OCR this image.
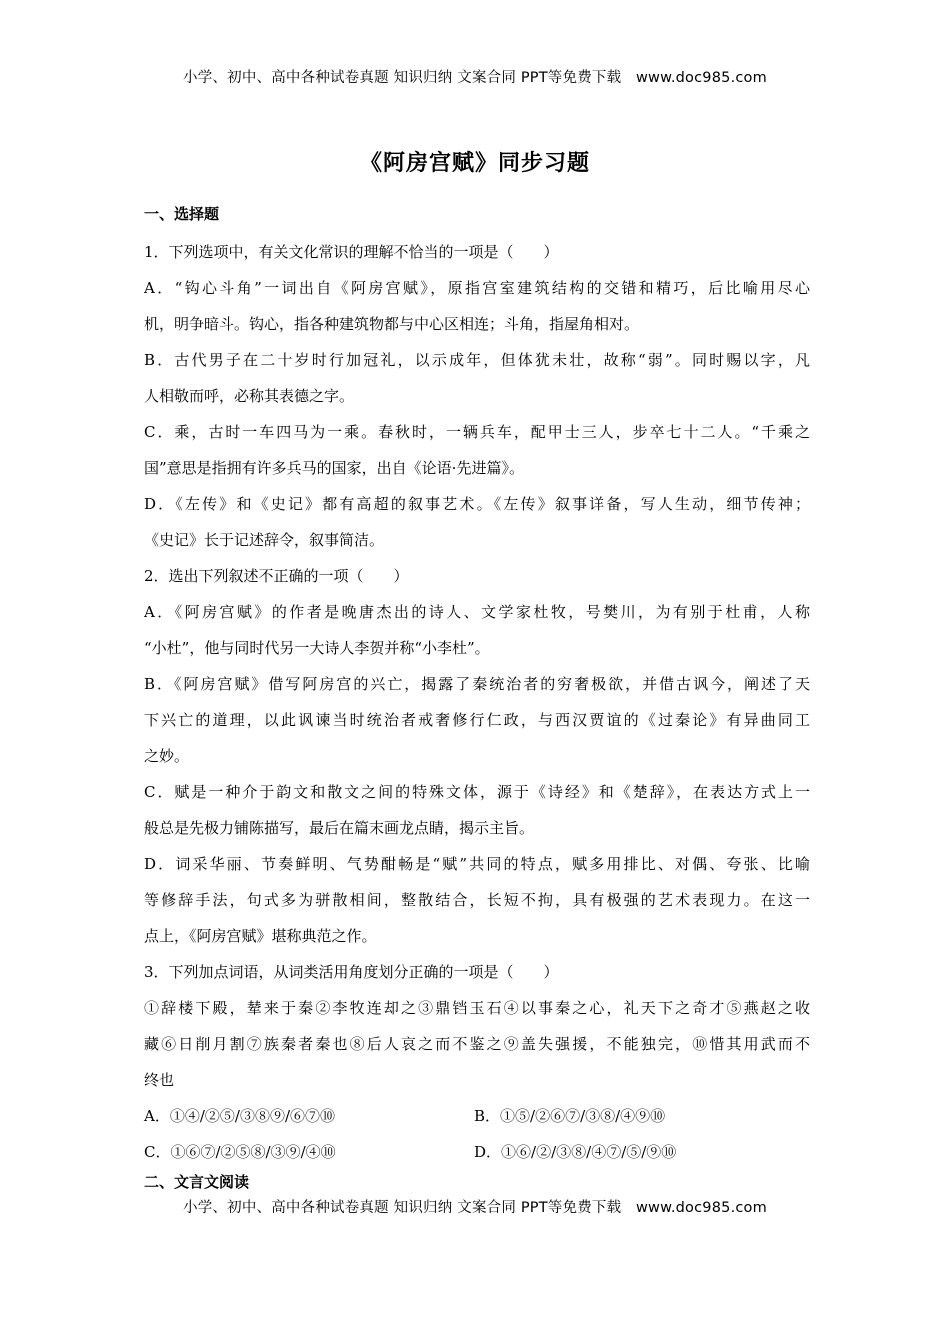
小学、初中、高中各种试卷真题 知识归纳 文案合同 PPT等免费下载　www.doc985.com
《阿房宫赋》同步习题
一、选择题
1．下列选项中，有关文化常识的理解不恰当的一项是（　　）
A．“钩心斗角”一词出自《阿房宫赋》，原指宫室建筑结构的交错和精巧，后比喻用尽心
机，明争暗斗。钩心，指各种建筑物都与中心区相连；斗角，指屋角相对。
B．古代男子在二十岁时行加冠礼，以示成年，但体犹未壮，故称“弱”。同时赐以字，凡
人相敬而呼，必称其表德之字。
C．乘，古时一车四马为一乘。春秋时，一辆兵车，配甲士三人，步卒七十二人。“千乘之
国”意思是指拥有许多兵马的国家，出自《论语·先进篇》。
D．《左传》和《史记》都有高超的叙事艺术。《左传》叙事详备，写人生动，细节传神；
《史记》长于记述辞令，叙事简洁。
2．选出下列叙述不正确的一项（　　）
A．《阿房宫赋》的作者是晚唐杰出的诗人、文学家杜牧，号樊川，为有别于杜甫，人称
“小杜”，他与同时代另一大诗人李贺并称“小李杜”。
B．《阿房宫赋》借写阿房宫的兴亡，揭露了秦统治者的穷奢极欲，并借古讽今，阐述了天
下兴亡的道理，以此讽谏当时统治者戒奢修行仁政，与西汉贾谊的《过秦论》有异曲同工
之妙。
C．赋是一种介于韵文和散文之间的特殊文体，源于《诗经》和《楚辞》，在表达方式上一
般总是先极力铺陈描写，最后在篇末画龙点睛，揭示主旨。
D．词采华丽、节奏鲜明、气势酣畅是“赋”共同的特点，赋多用排比、对偶、夸张、比喻
等修辞手法，句式多为骈散相间，整散结合，长短不拘，具有极强的艺术表现力。在这一
点上，《阿房宫赋》堪称典范之作。
3．下列加点词语，从词类活用角度划分正确的一项是（　　）
①辞楼下殿，辇来于秦②李牧连却之③鼎铛玉石④以事秦之心，礼天下之奇才⑤燕赵之收
藏⑥日削月割⑦族秦者秦也⑧后人哀之而不鉴之⑨盖失强援，不能独完，⑩惜其用武而不
终也
A．①④/②⑤/③⑧⑨/⑥⑦⑩	B．①⑤/②⑥⑦/③⑧/④⑨⑩
C．①⑥⑦/②⑤⑧/③⑨/④⑩	D．①⑥/②/③⑧/④⑦/⑤/⑨⑩
二、文言文阅读
小学、初中、高中各种试卷真题 知识归纳 文案合同 PPT等免费下载　www.doc985.com
